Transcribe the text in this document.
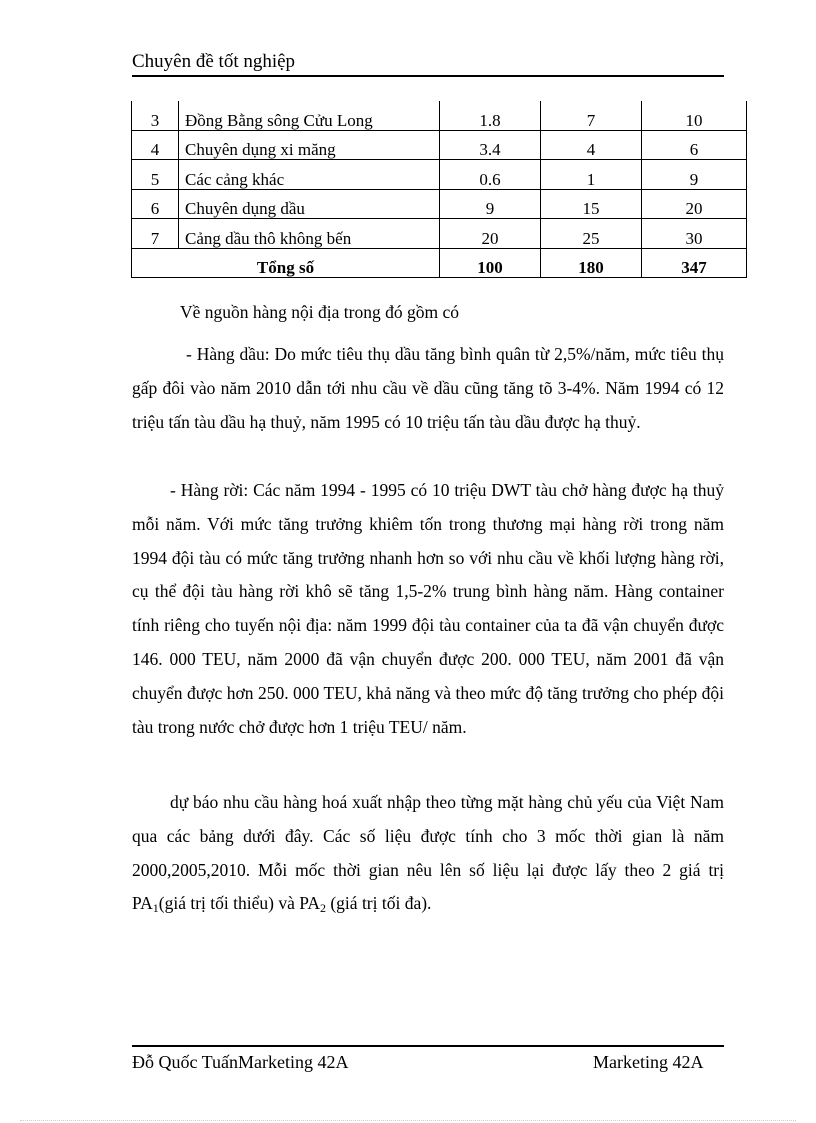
Chuyên đề tốt nghiệp
3	Đồng Bằng sông Cửu Long	1.8	7	10
4	Chuyên dụng xi măng	3.4	4	6
5	Các cảng khác	0.6	1	9
6	Chuyên dụng dầu	9	15	20
7	Cảng dầu thô không bến	20	25	30
Tổng số		100	180	347

Về nguồn hàng nội địa trong đó gồm có

- Hàng dầu: Do mức tiêu thụ dầu tăng bình quân từ 2,5%/năm, mức tiêu thụ gấp đôi vào năm 2010 dẫn tới nhu cầu về dầu cũng tăng tõ 3-4%. Năm 1994 có 12 triệu tấn tàu dầu hạ thuỷ, năm 1995 có 10 triệu tấn tàu dầu được hạ thuỷ.

- Hàng rời: Các năm 1994 - 1995 có 10 triệu DWT tàu chở hàng được hạ thuỷ mỗi năm. Với mức tăng trưởng khiêm tốn trong thương mại hàng rời trong năm 1994 đội tàu có mức tăng trưởng nhanh hơn so với nhu cầu về khối lượng hàng rời, cụ thể đội tàu hàng rời khô sẽ tăng 1,5-2% trung bình hàng năm. Hàng container tính riêng cho tuyến nội địa: năm 1999 đội tàu container của ta đã vận chuyển được 146. 000 TEU, năm 2000 đã vận chuyển được 200. 000 TEU, năm 2001 đã vận chuyển được hơn 250. 000 TEU, khả năng và theo mức độ tăng trưởng cho phép đội tàu trong nước chở được hơn 1 triệu TEU/ năm.

dự báo nhu cầu hàng hoá xuất nhập theo từng mặt hàng chủ yếu của Việt Nam qua các bảng dưới đây. Các số liệu được tính cho 3 mốc thời gian là năm 2000,2005,2010. Mỗi mốc thời gian nêu lên số liệu lại được lấy theo 2 giá trị $PA_1(giá$ trị tối thiểu) và $PA_2$ (giá trị tối đa).

Đỗ Quốc TuấnMarketing 42A	Marketing 42A
